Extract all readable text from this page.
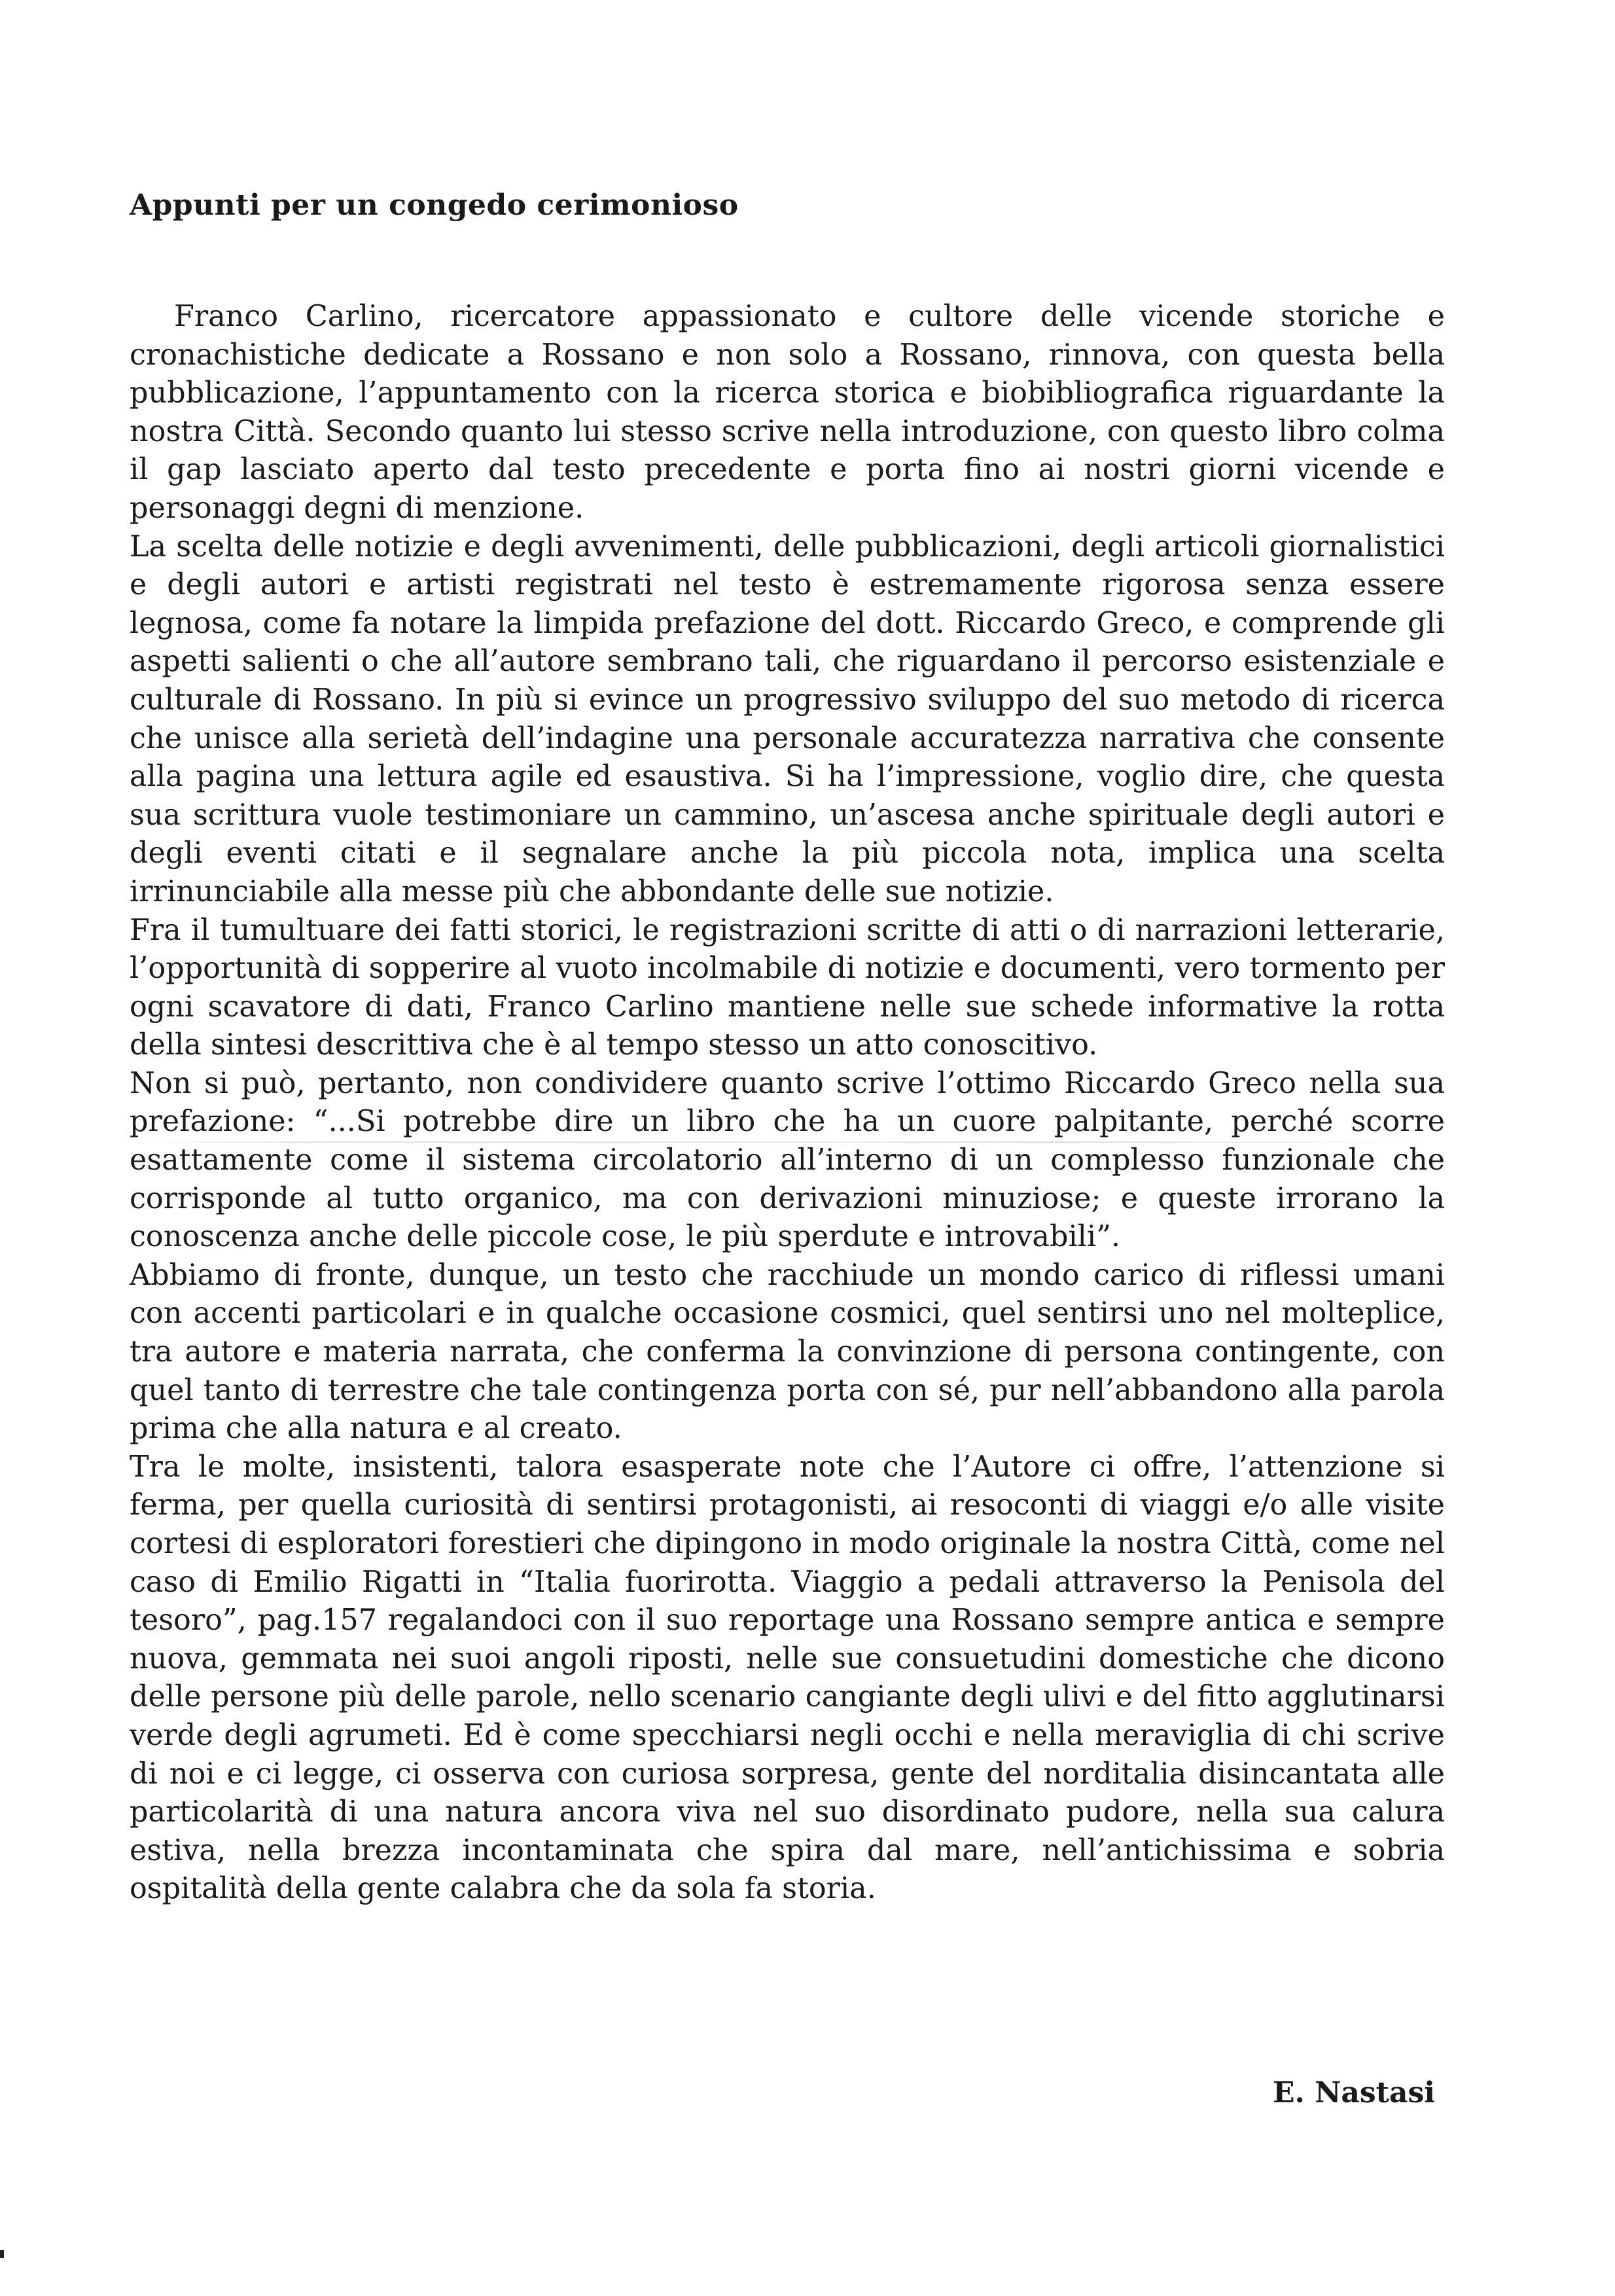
Appunti per un congedo cerimonioso

Franco Carlino, ricercatore appassionato e cultore delle vicende storiche e cronachistiche dedicate a Rossano e non solo a Rossano, rinnova, con questa bella pubblicazione, l’appuntamento con la ricerca storica e biobibliografica riguardante la nostra Città. Secondo quanto lui stesso scrive nella introduzione, con questo libro colma il gap lasciato aperto dal testo precedente e porta fino ai nostri giorni vicende e personaggi degni di menzione.

La scelta delle notizie e degli avvenimenti, delle pubblicazioni, degli articoli giornalistici e degli autori e artisti registrati nel testo è estremamente rigorosa senza essere legnosa, come fa notare la limpida prefazione del dott. Riccardo Greco, e comprende gli aspetti salienti o che all’autore sembrano tali, che riguardano il percorso esistenziale e culturale di Rossano. In più si evince un progressivo sviluppo del suo metodo di ricerca che unisce alla serietà dell’indagine una personale accuratezza narrativa che consente alla pagina una lettura agile ed esaustiva. Si ha l’impressione, voglio dire, che questa sua scrittura vuole testimoniare un cammino, un’ascesa anche spirituale degli autori e degli eventi citati e il segnalare anche la più piccola nota, implica una scelta irrinunciabile alla messe più che abbondante delle sue notizie.

Fra il tumultuare dei fatti storici, le registrazioni scritte di atti o di narrazioni letterarie, l’opportunità di sopperire al vuoto incolmabile di notizie e documenti, vero tormento per ogni scavatore di dati, Franco Carlino mantiene nelle sue schede informative la rotta della sintesi descrittiva che è al tempo stesso un atto conoscitivo.

Non si può, pertanto, non condividere quanto scrive l’ottimo Riccardo Greco nella sua prefazione: “...Si potrebbe dire un libro che ha un cuore palpitante, perché scorre esattamente come il sistema circolatorio all’interno di un complesso funzionale che corrisponde al tutto organico, ma con derivazioni minuziose; e queste irrorano la conoscenza anche delle piccole cose, le più sperdute e introvabili”.

Abbiamo di fronte, dunque, un testo che racchiude un mondo carico di riflessi umani con accenti particolari e in qualche occasione cosmici, quel sentirsi uno nel molteplice, tra autore e materia narrata, che conferma la convinzione di persona contingente, con quel tanto di terrestre che tale contingenza porta con sé, pur nell’abbandono alla parola prima che alla natura e al creato.

Tra le molte, insistenti, talora esasperate note che l’Autore ci offre, l’attenzione si ferma, per quella curiosità di sentirsi protagonisti, ai resoconti di viaggi e/o alle visite cortesi di esploratori forestieri che dipingono in modo originale la nostra Città, come nel caso di Emilio Rigatti in “Italia fuorirotta. Viaggio a pedali attraverso la Penisola del tesoro”, pag.157 regalandoci con il suo reportage una Rossano sempre antica e sempre nuova, gemmata nei suoi angoli riposti, nelle sue consuetudini domestiche che dicono delle persone più delle parole, nello scenario cangiante degli ulivi e del fitto agglutinarsi verde degli agrumeti. Ed è come specchiarsi negli occhi e nella meraviglia di chi scrive di noi e ci legge, ci osserva con curiosa sorpresa, gente del norditalia disincantata alle particolarità di una natura ancora viva nel suo disordinato pudore, nella sua calura estiva, nella brezza incontaminata che spira dal mare, nell’antichissima e sobria ospitalità della gente calabra che da sola fa storia.

E. Nastasi
